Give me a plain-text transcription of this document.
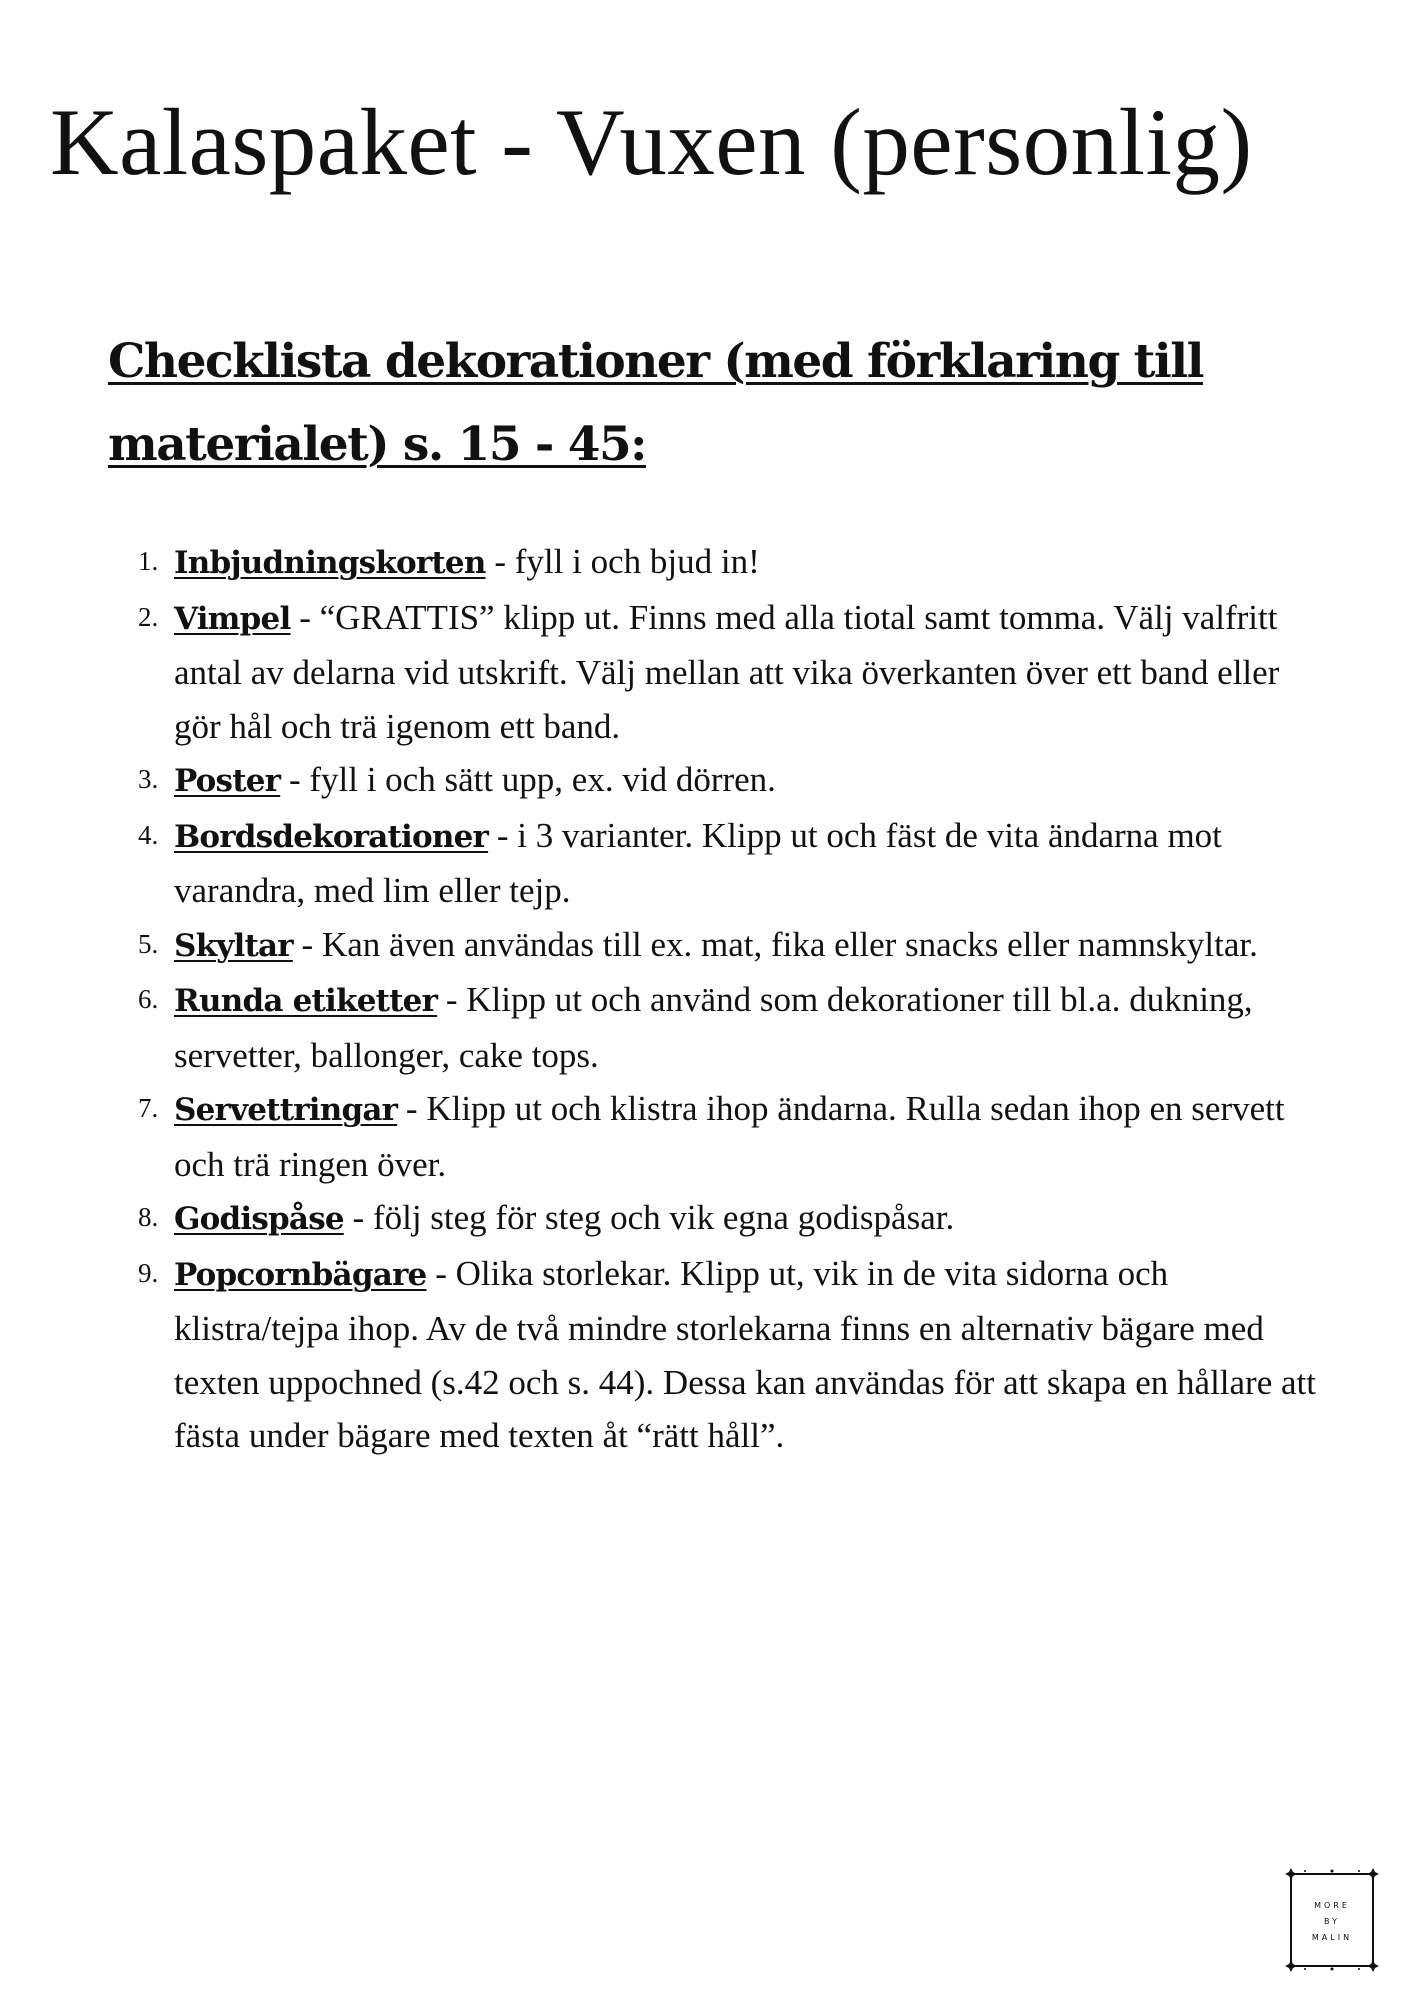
Kalaspaket - Vuxen (personlig)
Checklista dekorationer (med förklaring till materialet) s. 15 - 45:
1. Inbjudningskorten - fyll i och bjud in!
2. Vimpel - “GRATTIS” klipp ut. Finns med alla tiotal samt tomma. Välj valfritt antal av delarna vid utskrift. Välj mellan att vika överkanten över ett band eller gör hål och trä igenom ett band.
3. Poster - fyll i och sätt upp, ex. vid dörren.
4. Bordsdekorationer - i 3 varianter. Klipp ut och fäst de vita ändarna mot varandra, med lim eller tejp.
5. Skyltar - Kan även användas till ex. mat, fika eller snacks eller namnskyltar.
6. Runda etiketter - Klipp ut och använd som dekorationer till bl.a. dukning, servetter, ballonger, cake tops.
7. Servettringar - Klipp ut och klistra ihop ändarna. Rulla sedan ihop en servett och trä ringen över.
8. Godispåse - följ steg för steg och vik egna godispåsar.
9. Popcornbägare - Olika storlekar. Klipp ut, vik in de vita sidorna och klistra/tejpa ihop. Av de två mindre storlekarna finns en alternativ bägare med texten uppochned (s.42 och s. 44). Dessa kan användas för att skapa en hållare att fästa under bägare med texten åt “rätt håll”.
MORE
BY
MALIN
